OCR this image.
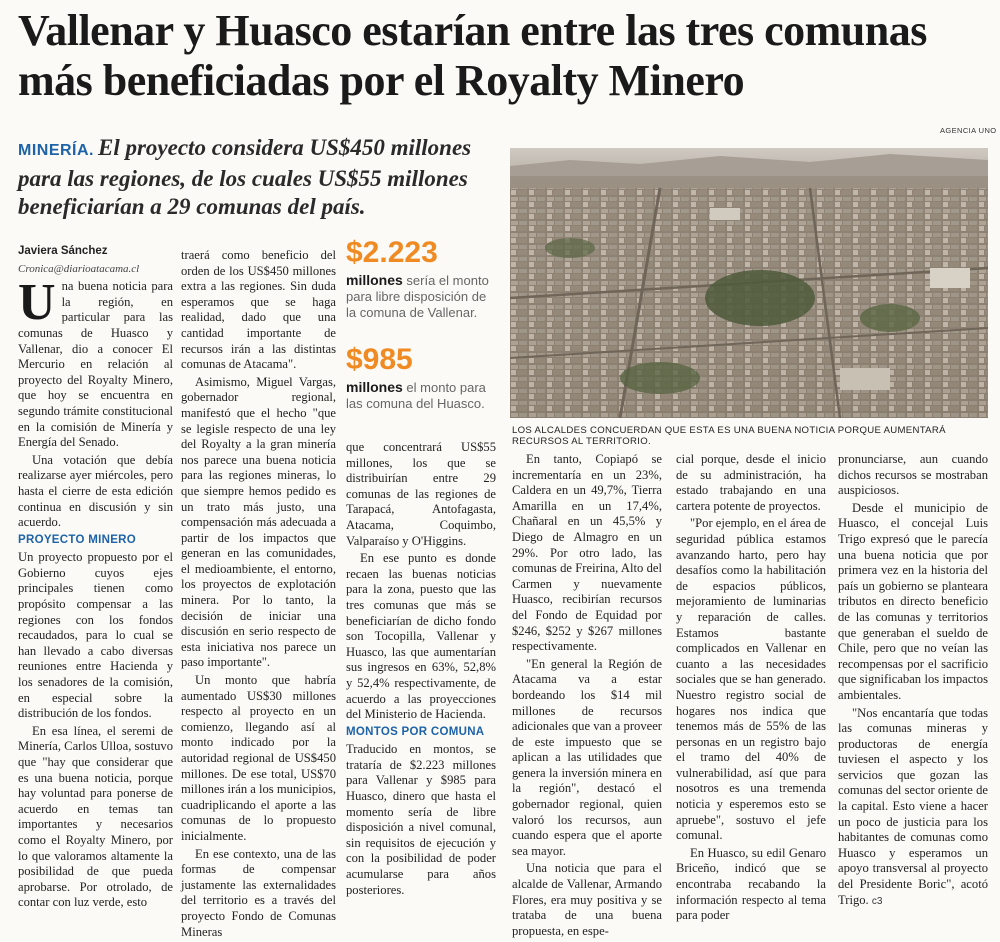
Vallenar y Huasco estarían entre las tres comunas
más beneficiadas por el Royalty Minero
MINERÍA. El proyecto considera US$450 millones para las regiones, de los cuales US$55 millones beneficiarían a 29 comunas del país.

Javiera Sánchez

Cronica@diarioatacama.cl

Una buena noticia para la región, en particular para las comunas de Huasco y Vallenar, dio a conocer El Mercurio en relación al proyecto del Royalty Minero, que hoy se encuentra en segundo trámite constitucional en la comisión de Minería y Energía del Senado.

Una votación que debía realizarse ayer miércoles, pero hasta el cierre de esta edición continua en discusión y sin acuerdo.

PROYECTO MINERO

Un proyecto propuesto por el Gobierno cuyos ejes principales tienen como propósito compensar a las regiones con los fondos recaudados, para lo cual se han llevado a cabo diversas reuniones entre Hacienda y los senadores de la comisión, en especial sobre la distribución de los fondos.

En esa línea, el seremi de Minería, Carlos Ulloa, sostuvo que "hay que considerar que es una buena noticia, porque hay voluntad para ponerse de acuerdo en temas tan importantes y necesarios como el Royalty Minero, por lo que valoramos altamente la posibilidad de que pueda aprobarse. Por otrolado, de contar con luz verde, esto

traerá como beneficio del orden de los US$450 millones extra a las regiones. Sin duda esperamos que se haga realidad, dado que una cantidad importante de recursos irán a las distintas comunas de Atacama".

Asimismo, Miguel Vargas, gobernador regional, manifestó que el hecho "que se legisle respecto de una ley del Royalty a la gran minería nos parece una buena noticia para las regiones mineras, lo que siempre hemos pedido es un trato más justo, una compensación más adecuada a partir de los impactos que generan en las comunidades, el medioambiente, el entorno, los proyectos de explotación minera. Por lo tanto, la decisión de iniciar una discusión en serio respecto de esta iniciativa nos parece un paso importante".

Un monto que habría aumentado US$30 millones respecto al proyecto en un comienzo, llegando así al monto indicado por la autoridad regional de US$450 millones. De ese total, US$70 millones irán a los municipios, cuadriplicando el aporte a las comunas de lo propuesto inicialmente.

En ese contexto, una de las formas de compensar justamente las externalidades del territorio es a través del proyecto Fondo de Comunas Mineras

$2.223
millones sería el monto para libre disposición de la comuna de Vallenar.
$985
millones el monto para las comuna del Huasco.

que concentrará US$55 millones, los que se distribuirían entre 29 comunas de las regiones de Tarapacá, Antofagasta, Atacama, Coquimbo, Valparaíso y O'Higgins.

En ese punto es donde recaen las buenas noticias para la zona, puesto que las tres comunas que más se beneficiarían de dicho fondo son Tocopilla, Vallenar y Huasco, las que aumentarían sus ingresos en 63%, 52,8% y 52,4% respectivamente, de acuerdo a las proyecciones del Ministerio de Hacienda.

MONTOS POR COMUNA

Traducido en montos, se trataría de $2.223 millones para Vallenar y $985 para Huasco, dinero que hasta el momento sería de libre disposición a nivel comunal, sin requisitos de ejecución y con la posibilidad de poder acumularse para años posteriores.

AGENCIA UNO
LOS ALCALDES CONCUERDAN QUE ESTA ES UNA BUENA NOTICIA PORQUE AUMENTARÁ RECURSOS AL TERRITORIO.

En tanto, Copiapó se incrementaría en un 23%, Caldera en un 49,7%, Tierra Amarilla en un 17,4%, Chañaral en un 45,5% y Diego de Almagro en un 29%. Por otro lado, las comunas de Freirina, Alto del Carmen y nuevamente Huasco, recibirían recursos del Fondo de Equidad por $246, $252 y $267 millones respectivamente.

"En general la Región de Atacama va a estar bordeando los $14 mil millones de recursos adicionales que van a proveer de este impuesto que se aplican a las utilidades que genera la inversión minera en la región", destacó el gobernador regional, quien valoró los recursos, aun cuando espera que el aporte sea mayor.

Una noticia que para el alcalde de Vallenar, Armando Flores, era muy positiva y se trataba de una buena propuesta, en espe-

cial porque, desde el inicio de su administración, ha estado trabajando en una cartera potente de proyectos.

"Por ejemplo, en el área de seguridad pública estamos avanzando harto, pero hay desafíos como la habilitación de espacios públicos, mejoramiento de luminarias y reparación de calles. Estamos bastante complicados en Vallenar en cuanto a las necesidades sociales que se han generado. Nuestro registro social de hogares nos indica que tenemos más de 55% de las personas en un registro bajo el tramo del 40% de vulnerabilidad, así que para nosotros es una tremenda noticia y esperemos esto se apruebe", sostuvo el jefe comunal.

En Huasco, su edil Genaro Briceño, indicó que se encontraba recabando la información respecto al tema para poder

pronunciarse, aun cuando dichos recursos se mostraban auspiciosos.

Desde el municipio de Huasco, el concejal Luis Trigo expresó que le parecía una buena noticia que por primera vez en la historia del país un gobierno se planteara tributos en directo beneficio de las comunas y territorios que generaban el sueldo de Chile, pero que no veían las recompensas por el sacrificio que significaban los impactos ambientales.

"Nos encantaría que todas las comunas mineras y productoras de energía tuviesen el aspecto y los servicios que gozan las comunas del sector oriente de la capital. Esto viene a hacer un poco de justicia para los habitantes de comunas como Huasco y esperamos un apoyo transversal al proyecto del Presidente Boric", acotó Trigo. c3
